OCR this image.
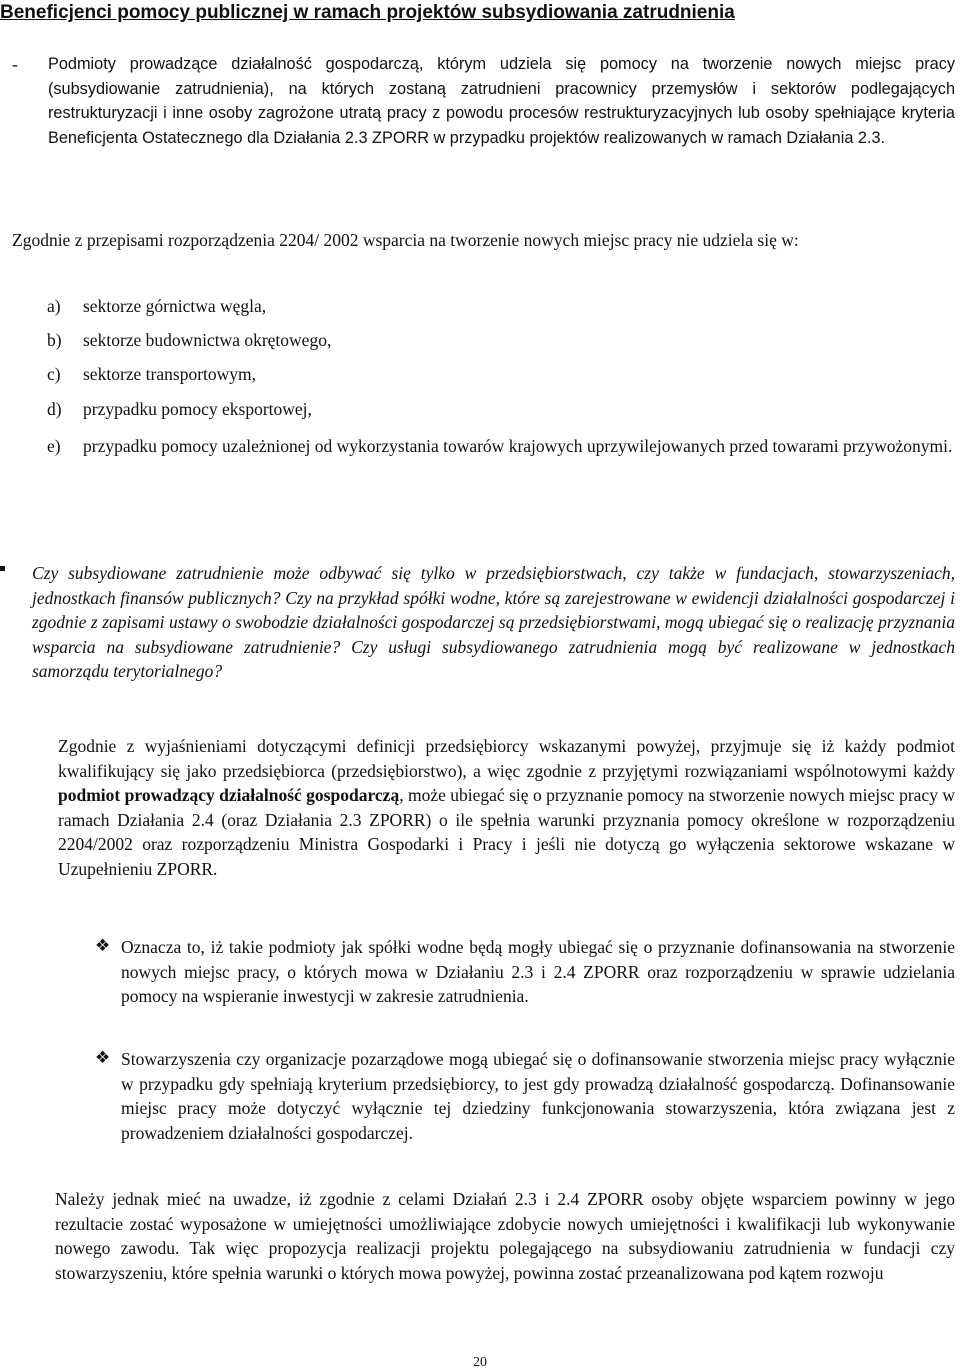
Beneficjenci pomocy publicznej w ramach projektów subsydiowania zatrudnienia
- Podmioty prowadzące działalność gospodarczą, którym udziela się pomocy na tworzenie nowych miejsc pracy (subsydiowanie zatrudnienia), na których zostaną zatrudnieni pracownicy przemysłów i sektorów podlegających restrukturyzacji i inne osoby zagrożone utratą pracy z powodu procesów restrukturyzacyjnych lub osoby spełniające kryteria Beneficjenta Ostatecznego dla Działania 2.3 ZPORR w przypadku projektów realizowanych w ramach Działania 2.3.
Zgodnie z przepisami rozporządzenia 2204/ 2002 wsparcia na tworzenie nowych miejsc pracy nie udziela się w:
a)	sektorze górnictwa węgla,
b)	sektorze budownictwa okrętowego,
c)	sektorze transportowym,
d)	przypadku pomocy eksportowej,
e)	przypadku pomocy uzależnionej od wykorzystania towarów krajowych uprzywilejowanych przed towarami przywożonymi.
Czy subsydiowane zatrudnienie może odbywać się tylko w przedsiębiorstwach, czy także w fundacjach, stowarzyszeniach, jednostkach finansów publicznych? Czy na przykład spółki wodne, które są zarejestrowane w ewidencji działalności gospodarczej i zgodnie z zapisami ustawy o swobodzie działalności gospodarczej są przedsiębiorstwami, mogą ubiegać się o realizację przyznania wsparcia na subsydiowane zatrudnienie? Czy usługi subsydiowanego zatrudnienia mogą być realizowane w jednostkach samorządu terytorialnego?
Zgodnie z wyjaśnieniami dotyczącymi definicji przedsiębiorcy wskazanymi powyżej, przyjmuje się iż każdy podmiot kwalifikujący się jako przedsiębiorca (przedsiębiorstwo), a więc zgodnie z przyjętymi rozwiązaniami wspólnotowymi każdy podmiot prowadzący działalność gospodarczą, może ubiegać się o przyznanie pomocy na stworzenie nowych miejsc pracy w ramach Działania 2.4 (oraz Działania 2.3 ZPORR) o ile spełnia warunki przyznania pomocy określone w rozporządzeniu 2204/2002 oraz rozporządzeniu Ministra Gospodarki i Pracy i jeśli nie dotyczą go wyłączenia sektorowe wskazane w Uzupełnieniu ZPORR.
❖ Oznacza to, iż takie podmioty jak spółki wodne będą mogły ubiegać się o przyznanie dofinansowania na stworzenie nowych miejsc pracy, o których mowa w Działaniu 2.3 i 2.4 ZPORR oraz rozporządzeniu w sprawie udzielania pomocy na wspieranie inwestycji w zakresie zatrudnienia.
❖ Stowarzyszenia czy organizacje pozarządowe mogą ubiegać się o dofinansowanie stworzenia miejsc pracy wyłącznie w przypadku gdy spełniają kryterium przedsiębiorcy, to jest gdy prowadzą działalność gospodarczą. Dofinansowanie miejsc pracy może dotyczyć wyłącznie tej dziedziny funkcjonowania stowarzyszenia, która związana jest z prowadzeniem działalności gospodarczej.
Należy jednak mieć na uwadze, iż zgodnie z celami Działań 2.3 i 2.4 ZPORR osoby objęte wsparciem powinny w jego rezultacie zostać wyposażone w umiejętności umożliwiające zdobycie nowych umiejętności i kwalifikacji lub wykonywanie nowego zawodu. Tak więc propozycja realizacji projektu polegającego na subsydiowaniu zatrudnienia w fundacji czy stowarzyszeniu, które spełnia warunki o których mowa powyżej, powinna zostać przeanalizowana pod kątem rozwoju
20
